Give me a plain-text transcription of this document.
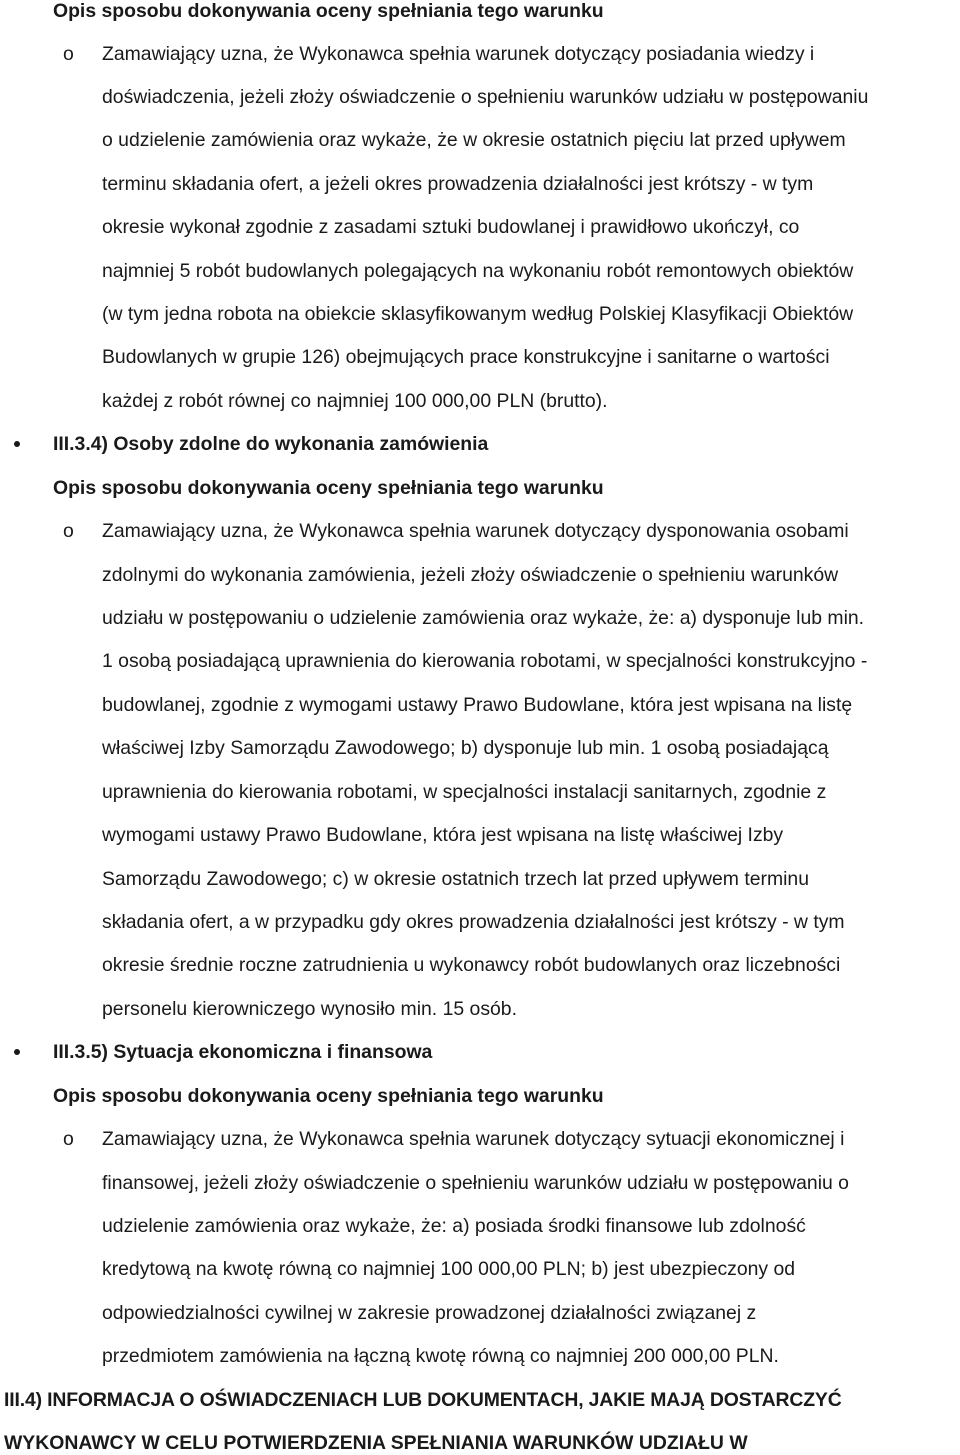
Opis sposobu dokonywania oceny spełniania tego warunku
o Zamawiający uzna, że Wykonawca spełnia warunek dotyczący posiadania wiedzy i
doświadczenia, jeżeli złoży oświadczenie o spełnieniu warunków udziału w postępowaniu
o udzielenie zamówienia oraz wykaże, że w okresie ostatnich pięciu lat przed upływem
terminu składania ofert, a jeżeli okres prowadzenia działalności jest krótszy - w tym
okresie wykonał zgodnie z zasadami sztuki budowlanej i prawidłowo ukończył, co
najmniej 5 robót budowlanych polegających na wykonaniu robót remontowych obiektów
(w tym jedna robota na obiekcie sklasyfikowanym według Polskiej Klasyfikacji Obiektów
Budowlanych w grupie 126) obejmujących prace konstrukcyjne i sanitarne o wartości
każdej z robót równej co najmniej 100 000,00 PLN (brutto).
III.3.4) Osoby zdolne do wykonania zamówienia
Opis sposobu dokonywania oceny spełniania tego warunku
o Zamawiający uzna, że Wykonawca spełnia warunek dotyczący dysponowania osobami
zdolnymi do wykonania zamówienia, jeżeli złoży oświadczenie o spełnieniu warunków
udziału w postępowaniu o udzielenie zamówienia oraz wykaże, że: a) dysponuje lub min.
1 osobą posiadającą uprawnienia do kierowania robotami, w specjalności konstrukcyjno -
budowlanej, zgodnie z wymogami ustawy Prawo Budowlane, która jest wpisana na listę
właściwej Izby Samorządu Zawodowego; b) dysponuje lub min. 1 osobą posiadającą
uprawnienia do kierowania robotami, w specjalności instalacji sanitarnych, zgodnie z
wymogami ustawy Prawo Budowlane, która jest wpisana na listę właściwej Izby
Samorządu Zawodowego; c) w okresie ostatnich trzech lat przed upływem terminu
składania ofert, a w przypadku gdy okres prowadzenia działalności jest krótszy - w tym
okresie średnie roczne zatrudnienia u wykonawcy robót budowlanych oraz liczebności
personelu kierowniczego wynosiło min. 15 osób.
III.3.5) Sytuacja ekonomiczna i finansowa
Opis sposobu dokonywania oceny spełniania tego warunku
o Zamawiający uzna, że Wykonawca spełnia warunek dotyczący sytuacji ekonomicznej i
finansowej, jeżeli złoży oświadczenie o spełnieniu warunków udziału w postępowaniu o
udzielenie zamówienia oraz wykaże, że: a) posiada środki finansowe lub zdolność
kredytową na kwotę równą co najmniej 100 000,00 PLN; b) jest ubezpieczony od
odpowiedzialności cywilnej w zakresie prowadzonej działalności związanej z
przedmiotem zamówienia na łączną kwotę równą co najmniej 200 000,00 PLN.
III.4) INFORMACJA O OŚWIADCZENIACH LUB DOKUMENTACH, JAKIE MAJĄ DOSTARCZYĆ
WYKONAWCY W CELU POTWIERDZENIA SPEŁNIANIA WARUNKÓW UDZIAŁU W
